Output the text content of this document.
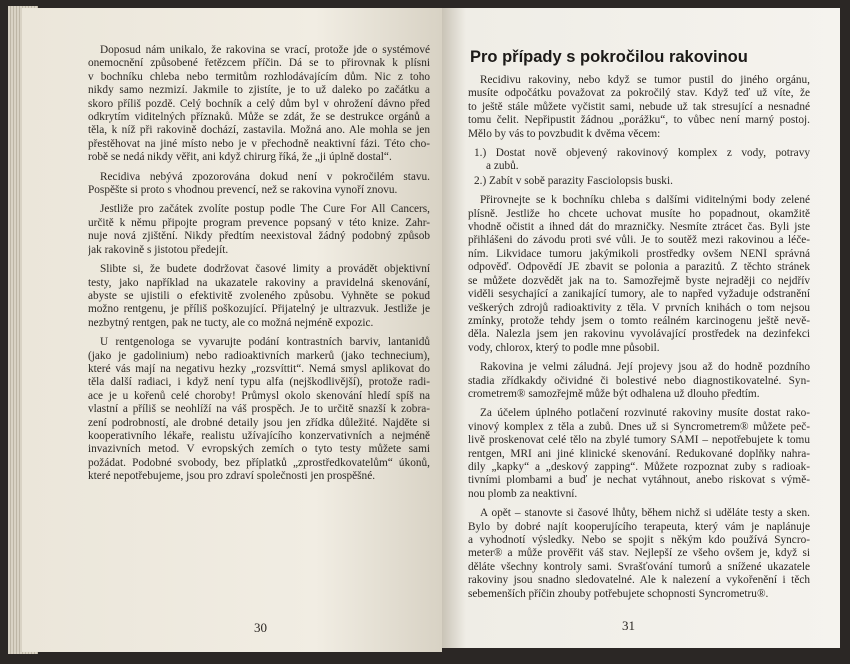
Doposud nám unikalo, že rakovina se vrací, protože jde o systémové
onemocnění způsobené řetězcem příčin. Dá se to přirovnak k plísni
v bochníku chleba nebo termitům rozhlodávajícím dům. Nic z toho
nikdy samo nezmizí. Jakmile to zjistíte, je to už daleko po začátku a
skoro příliš pozdě. Celý bochník a celý dům byl v ohrožení dávno před
odkrytím viditelných příznaků. Může se zdát, že se destrukce orgánů a
těla, k níž při rakovině dochází, zastavila. Možná ano. Ale mohla se jen
přestěhovat na jiné místo nebo je v přechodně neaktivní fázi. Této cho-
robě se nedá nikdy věřit, ani když chirurg říká, že „ji úplně dostal“.
Recidiva nebývá zpozorována dokud není v pokročilém stavu.
Pospěšte si proto s vhodnou prevencí, než se rakovina vynoří znovu.
Jestliže pro začátek zvolíte postup podle The Cure For All Cancers,
určitě k němu připojte program prevence popsaný v této knize. Zahr-
nuje nová zjištění. Nikdy předtím neexistoval žádný podobný způsob
jak rakovině s jistotou předejít.
Slibte si, že budete dodržovat časové limity a provádět objektivní
testy, jako například na ukazatele rakoviny a pravidelná skenování,
abyste se ujistili o efektivitě zvoleného způsobu. Vyhněte se pokud
možno rentgenu, je příliš poškozující. Přijatelný je ultrazvuk. Jestliže je
nezbytný rentgen, pak ne tucty, ale co možná nejméně expozic.
U rentgenologa se vyvarujte podání kontrastních barviv, lantanidů
(jako je gadolinium) nebo radioaktivních markerů (jako technecium),
které vás mají na negativu hezky „rozsvíttit“. Nemá smysl aplikovat do
těla další radiaci, i když není typu alfa (nejškodlivější), protože radi-
ace je u kořenů celé choroby! Průmysl okolo skenování hledí spíš na
vlastní a příliš se neohlíží na váš prospěch. Je to určitě snazší k zobra-
zení podrobností, ale drobné detaily jsou jen zřídka důležité. Najděte si
kooperativního lékaře, realistu užívajícího konzervativních a nejméně
invazivních metod. V evropských zemích o tyto testy můžete sami
požádat. Podobné svobody, bez příplatků „zprostředkovatelům“ úkonů,
které nepotřebujeme, jsou pro zdraví společnosti jen prospěšné.
30
Pro případy s pokročilou rakovinou
Recidivu rakoviny, nebo když se tumor pustil do jiného orgánu,
musíte odpočátku považovat za pokročilý stav. Když teď už víte, že
to ještě stále můžete vyčistit sami, nebude už tak stresující a nesnadné
tomu čelit. Nepřipustit žádnou „porážku“, to vůbec není marný postoj.
Mělo by vás to povzbudit k dvěma věcem:
1.) Dostat nově objevený rakovinový komplex z vody, potravy
a zubů.
2.) Zabít v sobě parazity Fasciolopsis buski.
Přirovnejte se k bochníku chleba s dalšími viditelnými body zelené
plísně. Jestliže ho chcete uchovat musíte ho popadnout, okamžitě
vhodně očistit a ihned dát do mrazničky. Nesmíte ztrácet čas. Byli jste
přihlášeni do závodu proti své vůli. Je to soutěž mezi rakovinou a léče-
ním. Likvidace tumoru jakýmikoli prostředky ovšem NENÍ správná
odpověď. Odpovědí JE zbavit se polonia a parazitů. Z těchto stránek
se můžete dozvědět jak na to. Samozřejmě byste nejraději co nejdřív
viděli sesychající a zanikající tumory, ale to napřed vyžaduje odstranění
veškerých zdrojů radioaktivity z těla. V prvních knihách o tom nejsou
zmínky, protože tehdy jsem o tomto reálném karcinogenu ještě nevě-
děla. Nalezla jsem jen rakovinu vyvolávající prostředek na dezinfekci
vody, chlorox, který to podle mne působil.
Rakovina je velmi záludná. Její projevy jsou až do hodně pozdního
stadia zřídkakdy očividné či bolestivé nebo diagnostikovatelné. Syn-
crometrem® samozřejmě může být odhalena už dlouho předtím.
Za účelem úplného potlačení rozvinuté rakoviny musíte dostat rako-
vinový komplex z těla a zubů. Dnes už si Syncrometrem® můžete peč-
livě proskenovat celé tělo na zbylé tumory SAMI – nepotřebujete k tomu
rentgen, MRI ani jiné klinické skenování. Redukované doplňky nahra-
dily „kapky“ a „deskový zapping“. Můžete rozpoznat zuby s radioak-
tivními plombami a buď je nechat vytáhnout, anebo riskovat s výmě-
nou plomb za neaktivní.
A opět – stanovte si časové lhůty, během nichž si uděláte testy a sken.
Bylo by dobré najít kooperujícího terapeuta, který vám je naplánuje
a vyhodnotí výsledky. Nebo se spojit s někým kdo používá Syncro-
meter® a může prověřit váš stav. Nejlepší ze všeho ovšem je, když si
děláte všechny kontroly sami. Svrašťování tumorů a snížené ukazatele
rakoviny jsou snadno sledovatelné. Ale k nalezení a vykořenění i těch
sebemenších příčin zhouby potřebujete schopnosti Syncrometru®.
31
